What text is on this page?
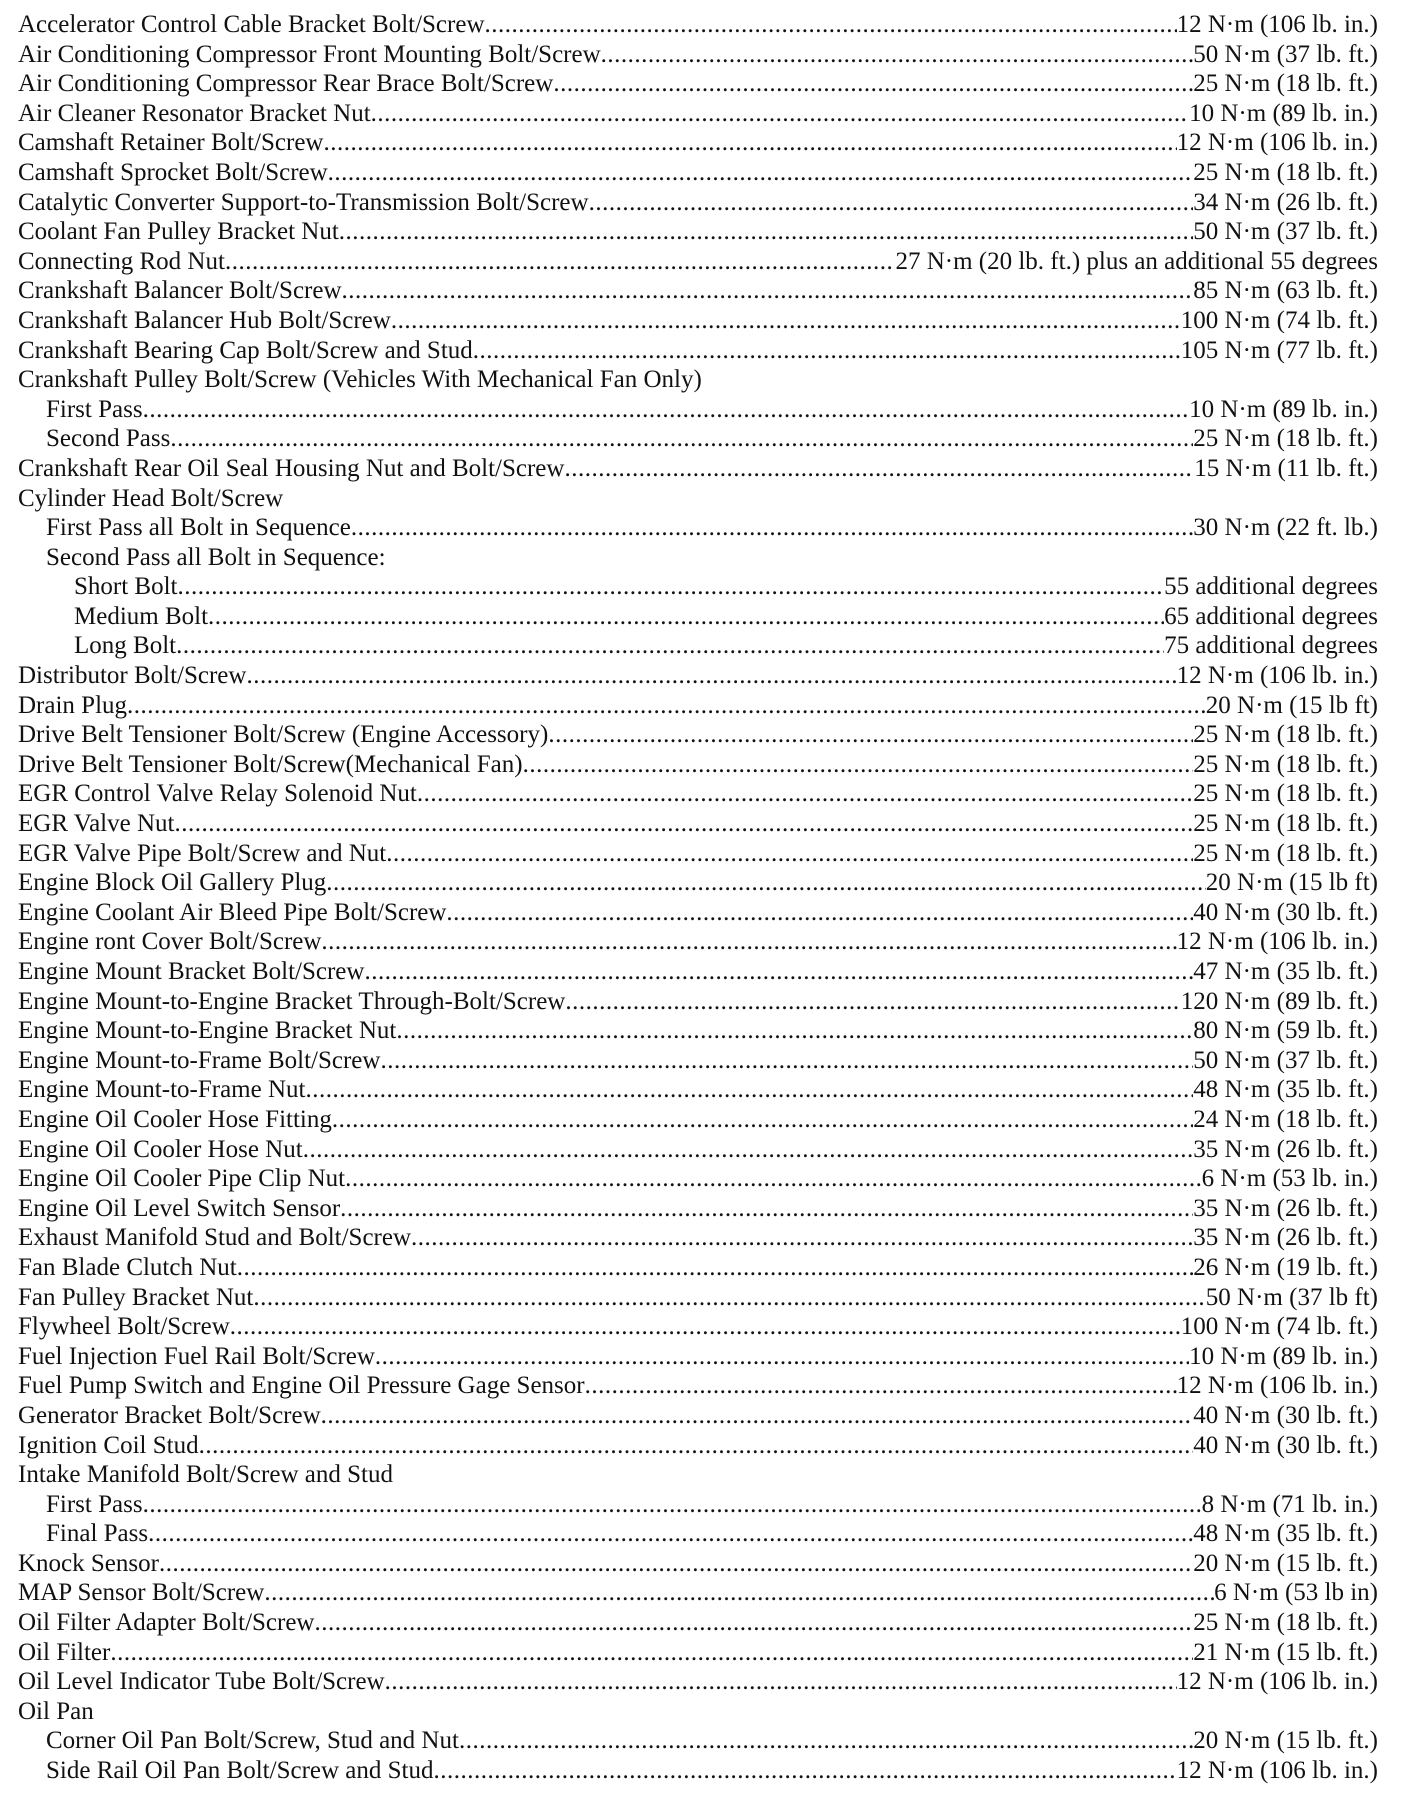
Accelerator Control Cable Bracket Bolt/Screw .....	12 N·m (106 lb. in.)
Air Conditioning Compressor Front Mounting Bolt/Screw .....	50 N·m (37 lb. ft.)
Air Conditioning Compressor Rear Brace Bolt/Screw .....	25 N·m (18 lb. ft.)
Air Cleaner Resonator Bracket Nut .....	10 N·m (89 lb. in.)
Camshaft Retainer Bolt/Screw .....	12 N·m (106 lb. in.)
Camshaft Sprocket Bolt/Screw .....	25 N·m (18 lb. ft.)
Catalytic Converter Support-to-Transmission Bolt/Screw .....	34 N·m (26 lb. ft.)
Coolant Fan Pulley Bracket Nut .....	50 N·m (37 lb. ft.)
Connecting Rod Nut .....	27 N·m (20 lb. ft.) plus an additional 55 degrees
Crankshaft Balancer Bolt/Screw .....	85 N·m (63 lb. ft.)
Crankshaft Balancer Hub Bolt/Screw .....	100 N·m (74 lb. ft.)
Crankshaft Bearing Cap Bolt/Screw and Stud .....	105 N·m (77 lb. ft.)
Crankshaft Pulley Bolt/Screw (Vehicles With Mechanical Fan Only)
First Pass .....	10 N·m (89 lb. in.)
Second Pass .....	25 N·m (18 lb. ft.)
Crankshaft Rear Oil Seal Housing Nut and Bolt/Screw .....	15 N·m (11 lb. ft.)
Cylinder Head Bolt/Screw
First Pass all Bolt in Sequence .....	30 N·m (22 ft. lb.)
Second Pass all Bolt in Sequence:
Short Bolt .....	55 additional degrees
Medium Bolt .....	65 additional degrees
Long Bolt .....	75 additional degrees
Distributor Bolt/Screw .....	12 N·m (106 lb. in.)
Drain Plug .....	20 N·m (15 lb ft)
Drive Belt Tensioner Bolt/Screw (Engine Accessory) .....	25 N·m (18 lb. ft.)
Drive Belt Tensioner Bolt/Screw(Mechanical Fan) .....	25 N·m (18 lb. ft.)
EGR Control Valve Relay Solenoid Nut .....	25 N·m (18 lb. ft.)
EGR Valve Nut .....	25 N·m (18 lb. ft.)
EGR Valve Pipe Bolt/Screw and Nut .....	25 N·m (18 lb. ft.)
Engine Block Oil Gallery Plug .....	20 N·m (15 lb ft)
Engine Coolant Air Bleed Pipe Bolt/Screw .....	40 N·m (30 lb. ft.)
Engine ront Cover Bolt/Screw .....	12 N·m (106 lb. in.)
Engine Mount Bracket Bolt/Screw .....	47 N·m (35 lb. ft.)
Engine Mount-to-Engine Bracket Through-Bolt/Screw .....	120 N·m (89 lb. ft.)
Engine Mount-to-Engine Bracket Nut .....	80 N·m (59 lb. ft.)
Engine Mount-to-Frame Bolt/Screw .....	50 N·m (37 lb. ft.)
Engine Mount-to-Frame Nut .....	48 N·m (35 lb. ft.)
Engine Oil Cooler Hose Fitting .....	24 N·m (18 lb. ft.)
Engine Oil Cooler Hose Nut .....	35 N·m (26 lb. ft.)
Engine Oil Cooler Pipe Clip Nut .....	6 N·m (53 lb. in.)
Engine Oil Level Switch Sensor .....	35 N·m (26 lb. ft.)
Exhaust Manifold Stud and Bolt/Screw .....	35 N·m (26 lb. ft.)
Fan Blade Clutch Nut .....	26 N·m (19 lb. ft.)
Fan Pulley Bracket Nut .....	50 N·m (37 lb ft)
Flywheel Bolt/Screw .....	100 N·m (74 lb. ft.)
Fuel Injection Fuel Rail Bolt/Screw .....	10 N·m (89 lb. in.)
Fuel Pump Switch and Engine Oil Pressure Gage Sensor .....	12 N·m (106 lb. in.)
Generator Bracket Bolt/Screw .....	40 N·m (30 lb. ft.)
Ignition Coil Stud .....	40 N·m (30 lb. ft.)
Intake Manifold Bolt/Screw and Stud
First Pass .....	8 N·m (71 lb. in.)
Final Pass .....	48 N·m (35 lb. ft.)
Knock Sensor .....	20 N·m (15 lb. ft.)
MAP Sensor Bolt/Screw .....	6 N·m (53 lb in)
Oil Filter Adapter Bolt/Screw .....	25 N·m (18 lb. ft.)
Oil Filter .....	21 N·m (15 lb. ft.)
Oil Level Indicator Tube Bolt/Screw .....	12 N·m (106 lb. in.)
Oil Pan
Corner Oil Pan Bolt/Screw, Stud and Nut .....	20 N·m (15 lb. ft.)
Side Rail Oil Pan Bolt/Screw and Stud .....	12 N·m (106 lb. in.)
